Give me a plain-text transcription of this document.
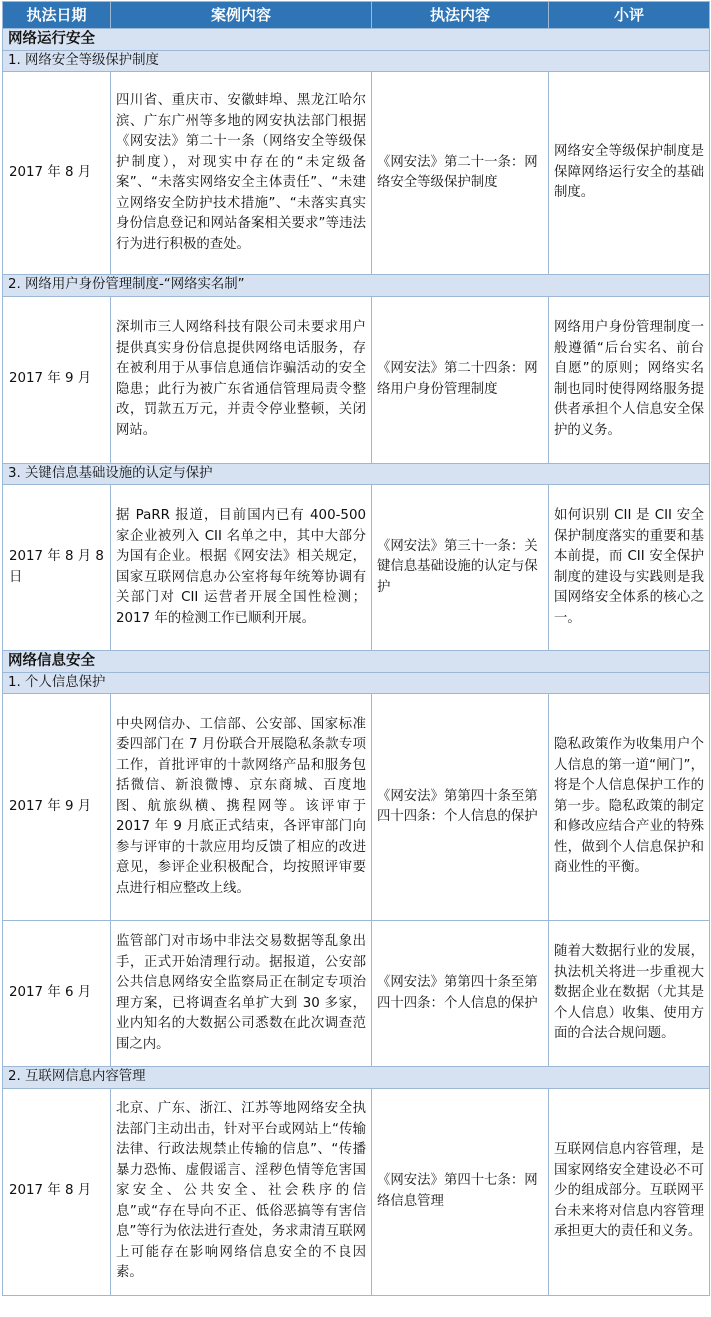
执法日期	案例内容	执法内容	小评
网络运行安全			
1. 网络安全等级保护制度			
2017 年 8 月	四川省、重庆市、安徽蚌埠、黑龙江哈尔滨、广东广州等多地的网安执法部门根据《网安法》第二十一条（网络安全等级保护制度），对现实中存在的“未定级备案”、“未落实网络安全主体责任”、“未建立网络安全防护技术措施”、“未落实真实身份信息登记和网站备案相关要求”等违法行为进行积极的查处。	《网安法》第二十一条：网络安全等级保护制度	网络安全等级保护制度是保障网络运行安全的基础制度。
2. 网络用户身份管理制度-“网络实名制”			
2017 年 9 月	深圳市三人网络科技有限公司未要求用户提供真实身份信息提供网络电话服务，存在被利用于从事信息通信诈骗活动的安全隐患；此行为被广东省通信管理局责令整改，罚款五万元，并责令停业整顿，关闭网站。	《网安法》第二十四条：网络用户身份管理制度	网络用户身份管理制度一般遵循“后台实名、前台自愿”的原则；网络实名制也同时使得网络服务提供者承担个人信息安全保护的义务。
3. 关键信息基础设施的认定与保护			
2017 年 8 月 8 日	据 PaRR 报道，目前国内已有 400-500 家企业被列入 CII 名单之中，其中大部分为国有企业。根据《网安法》相关规定，国家互联网信息办公室将每年统筹协调有关部门对 CII 运营者开展全国性检测；2017 年的检测工作已顺利开展。	《网安法》第三十一条：关键信息基础设施的认定与保护	如何识别 CII 是 CII 安全保护制度落实的重要和基本前提，而 CII 安全保护制度的建设与实践则是我国网络安全体系的核心之一。
网络信息安全			
1. 个人信息保护			
2017 年 9 月	中央网信办、工信部、公安部、国家标准委四部门在 7 月份联合开展隐私条款专项工作，首批评审的十款网络产品和服务包括微信、新浪微博、京东商城、百度地图、航旅纵横、携程网等。该评审于 2017 年 9 月底正式结束，各评审部门向参与评审的十款应用均反馈了相应的改进意见，参评企业积极配合，均按照评审要点进行相应整改上线。	《网安法》第第四十条至第四十四条：个人信息的保护	隐私政策作为收集用户个人信息的第一道“闸门”，将是个人信息保护工作的第一步。隐私政策的制定和修改应结合产业的特殊性，做到个人信息保护和商业性的平衡。
2017 年 6 月	监管部门对市场中非法交易数据等乱象出手，正式开始清理行动。据报道，公安部公共信息网络安全监察局正在制定专项治理方案，已将调查名单扩大到 30 多家，业内知名的大数据公司悉数在此次调查范围之内。	《网安法》第第四十条至第四十四条：个人信息的保护	随着大数据行业的发展，执法机关将进一步重视大数据企业在数据（尤其是个人信息）收集、使用方面的合法合规问题。
2. 互联网信息内容管理			
2017 年 8 月	北京、广东、浙江、江苏等地网络安全执法部门主动出击，针对平台或网站上“传输法律、行政法规禁止传输的信息”、“传播暴力恐怖、虚假谣言、淫秽色情等危害国家安全、公共安全、社会秩序的信息”或“存在导向不正、低俗恶搞等有害信息”等行为依法进行查处，务求肃清互联网上可能存在影响网络信息安全的不良因素。	《网安法》第四十七条：网络信息管理	互联网信息内容管理，是国家网络安全建设必不可少的组成部分。互联网平台未来将对信息内容管理承担更大的责任和义务。
